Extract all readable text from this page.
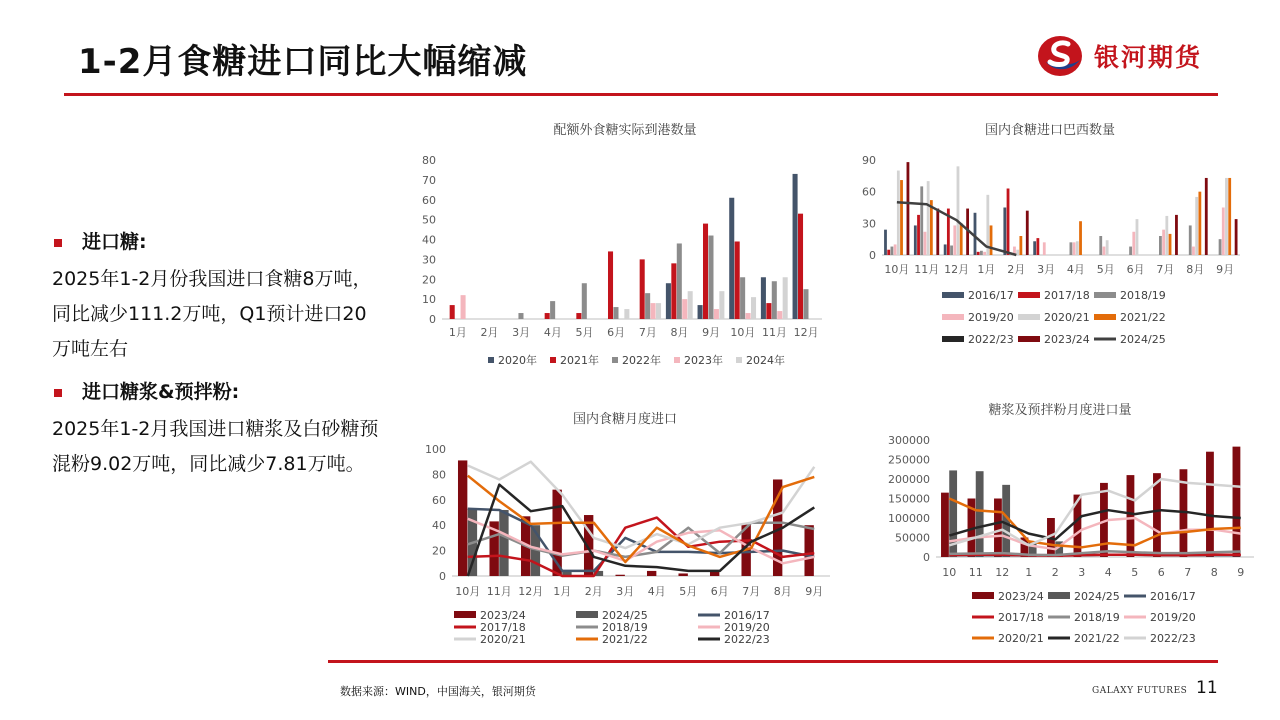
1-2月食糖进口同比大幅缩减	银河期货
进口糖:
2025年1-2月份我国进口食糖8万吨，同比减少111.2万吨，Q1预计进口20万吨左右
进口糖浆&预拌粉:
2025年1-2月我国进口糖浆及白砂糖预混粉9.02万吨，同比减少7.81万吨。
配额外食糖实际到港数量
0
10
20
30
40
50
60
70
80
1月 2月 3月 4月 5月 6月 7月 8月 9月 10月 11月 12月
2020年 2021年 2022年 2023年 2024年
国内食糖进口巴西数量
0
30
60
90
10月 11月 12月 1月 2月 3月 4月 5月 6月 7月 8月 9月
2016/17	2017/18	2018/19
2019/20	2020/21	2021/22
2022/23	2023/24	2024/25
国内食糖月度进口
0
20
40
60
80
100
10月 11月 12月 1月 2月 3月 4月 5月 6月 7月 8月 9月
2023/24	2024/25	2016/17
2017/18	2018/19	2019/20
2020/21	2021/22	2022/23
糖浆及预拌粉月度进口量
0
50000
100000
150000
200000
250000
300000
10 11 12 1 2 3 4 5 6 7 8 9
2023/24	2024/25	2016/17
2017/18	2018/19	2019/20
2020/21	2021/22	2022/23
数据来源：WIND，中国海关，银河期货	GALAXY FUTURES 11
